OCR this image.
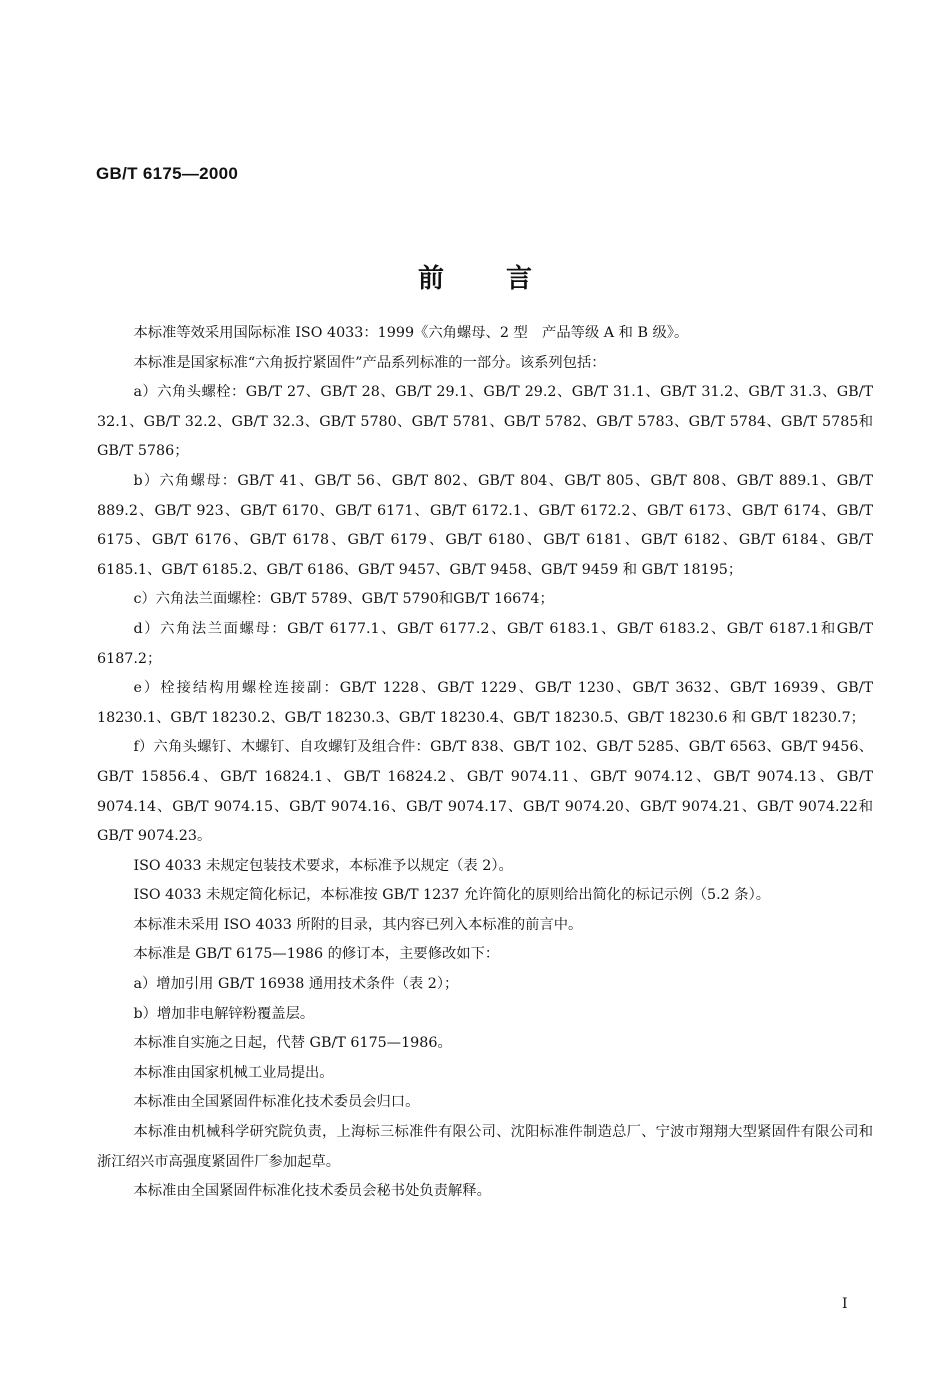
GB/T 6175—2000
前言

本标准等效采用国际标准 ISO 4033：1999《六角螺母、2 型　产品等级 A 和 B 级》。

本标准是国家标准“六角扳拧紧固件”产品系列标准的一部分。该系列包括：

a）六角头螺栓：GB/T 27、GB/T 28、GB/T 29.1、GB/T 29.2、GB/T 31.1、GB/T 31.2、GB/T 31.3、GB/T 32.1、GB/T 32.2、GB/T 32.3、GB/T 5780、GB/T 5781、GB/T 5782、GB/T 5783、GB/T 5784、GB/T 5785和GB/T 5786；

b）六角螺母：GB/T 41、GB/T 56、GB/T 802、GB/T 804、GB/T 805、GB/T 808、GB/T 889.1、GB/T 889.2、GB/T 923、GB/T 6170、GB/T 6171、GB/T 6172.1、GB/T 6172.2、GB/T 6173、GB/T 6174、GB/T 6175、GB/T 6176、GB/T 6178、GB/T 6179、GB/T 6180、GB/T 6181、GB/T 6182、GB/T 6184、GB/T 6185.1、GB/T 6185.2、GB/T 6186、GB/T 9457、GB/T 9458、GB/T 9459 和 GB/T 18195；

c）六角法兰面螺栓：GB/T 5789、GB/T 5790和GB/T 16674；

d）六角法兰面螺母：GB/T 6177.1、GB/T 6177.2、GB/T 6183.1、GB/T 6183.2、GB/T 6187.1和GB/T 6187.2；

e）栓接结构用螺栓连接副：GB/T 1228、GB/T 1229、GB/T 1230、GB/T 3632、GB/T 16939、GB/T 18230.1、GB/T 18230.2、GB/T 18230.3、GB/T 18230.4、GB/T 18230.5、GB/T 18230.6 和 GB/T 18230.7；

f）六角头螺钉、木螺钉、自攻螺钉及组合件：GB/T 838、GB/T 102、GB/T 5285、GB/T 6563、GB/T 9456、GB/T 15856.4、GB/T 16824.1、GB/T 16824.2、GB/T 9074.11、GB/T 9074.12、GB/T 9074.13、GB/T 9074.14、GB/T 9074.15、GB/T 9074.16、GB/T 9074.17、GB/T 9074.20、GB/T 9074.21、GB/T 9074.22和GB/T 9074.23。

ISO 4033 未规定包装技术要求，本标准予以规定（表 2）。

ISO 4033 未规定简化标记，本标准按 GB/T 1237 允许简化的原则给出简化的标记示例（5.2 条）。

本标准未采用 ISO 4033 所附的目录，其内容已列入本标准的前言中。

本标准是 GB/T 6175—1986 的修订本，主要修改如下：

a）增加引用 GB/T 16938 通用技术条件（表 2）；

b）增加非电解锌粉覆盖层。

本标准自实施之日起，代替 GB/T 6175—1986。

本标准由国家机械工业局提出。

本标准由全国紧固件标准化技术委员会归口。

本标准由机械科学研究院负责，上海标三标准件有限公司、沈阳标准件制造总厂、宁波市翔翔大型紧固件有限公司和浙江绍兴市高强度紧固件厂参加起草。

本标准由全国紧固件标准化技术委员会秘书处负责解释。

I
